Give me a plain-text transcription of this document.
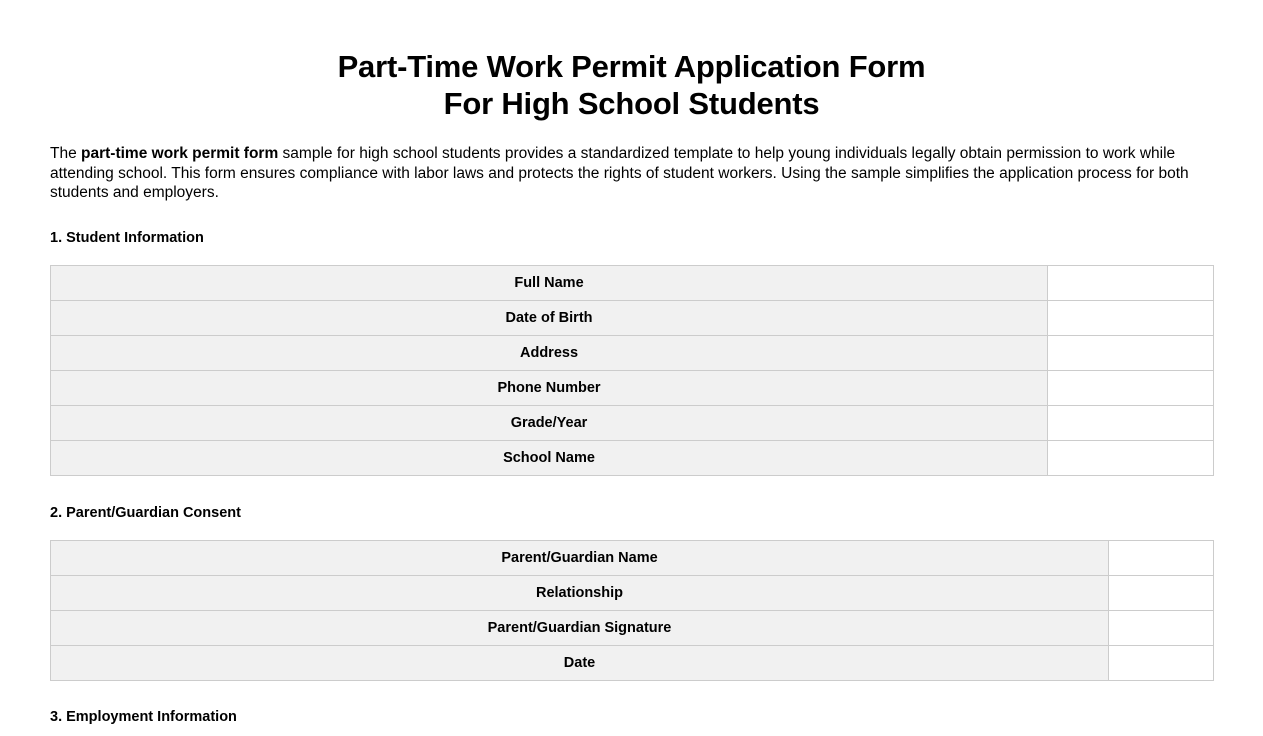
Part-Time Work Permit Application Form
For High School Students

The part-time work permit form sample for high school students provides a standardized template to help young individuals legally obtain permission to work while attending school. This form ensures compliance with labor laws and protects the rights of student workers. Using the sample simplifies the application process for both students and employers.

1. Student Information
Full Name	
Date of Birth	
Address	
Phone Number	
Grade/Year	
School Name	
2. Parent/Guardian Consent
Parent/Guardian Name	
Relationship	
Parent/Guardian Signature	
Date	
3. Employment Information
